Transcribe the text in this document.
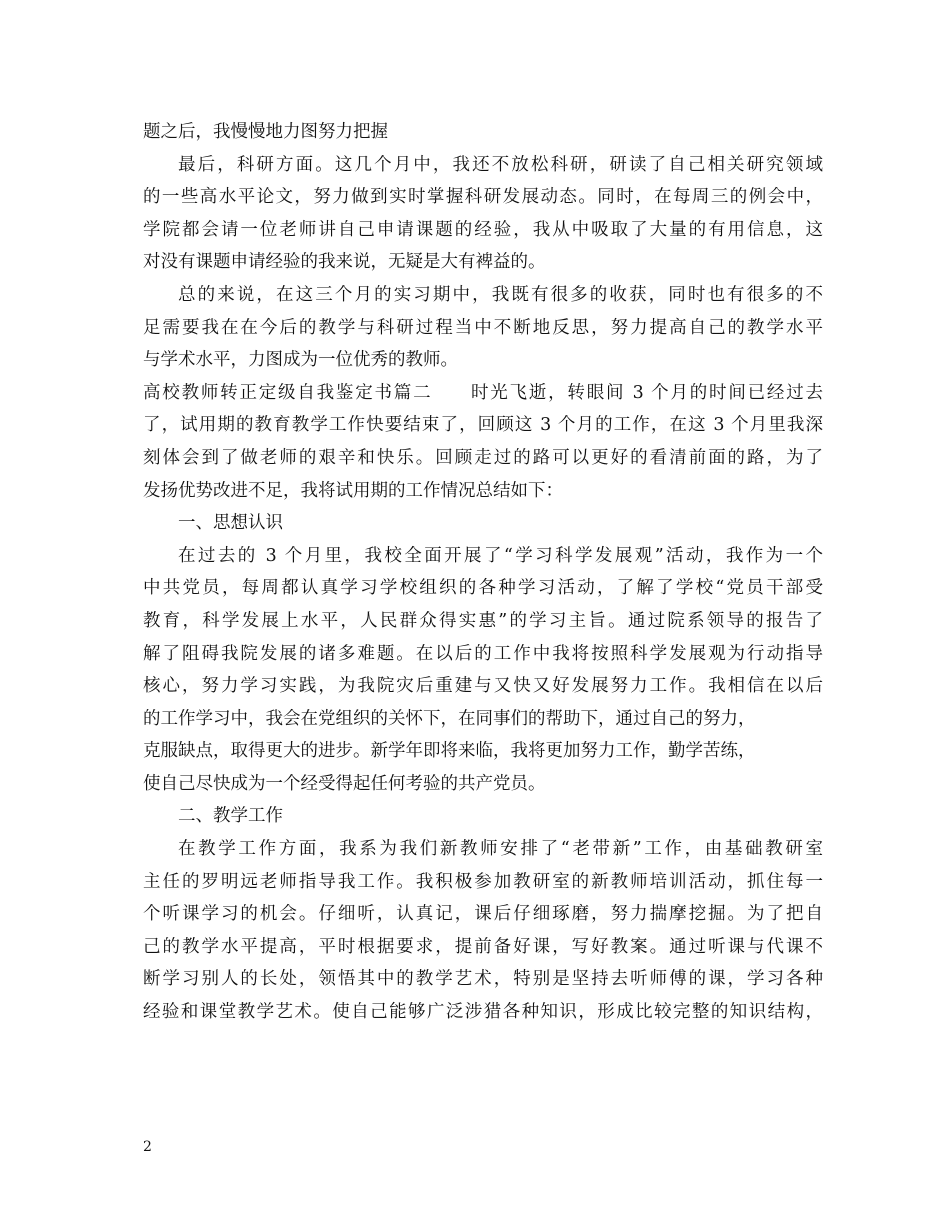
题之后，我慢慢地力图努力把握
最后，科研方面。这几个月中，我还不放松科研，研读了自己相关研究领域
的一些高水平论文，努力做到实时掌握科研发展动态。同时，在每周三的例会中，
学院都会请一位老师讲自己申请课题的经验，我从中吸取了大量的有用信息，这
对没有课题申请经验的我来说，无疑是大有裨益的。
总的来说，在这三个月的实习期中，我既有很多的收获，同时也有很多的不
足需要我在在今后的教学与科研过程当中不断地反思，努力提高自己的教学水平
与学术水平，力图成为一位优秀的教师。
高校教师转正定级自我鉴定书篇二　　时光飞逝，转眼间 3 个月的时间已经过去
了，试用期的教育教学工作快要结束了，回顾这 3 个月的工作，在这 3 个月里我深
刻体会到了做老师的艰辛和快乐。回顾走过的路可以更好的看清前面的路，为了
发扬优势改进不足，我将试用期的工作情况总结如下：
一、思想认识
在过去的 3 个月里，我校全面开展了“学习科学发展观”活动，我作为一个
中共党员，每周都认真学习学校组织的各种学习活动，了解了学校“党员干部受
教育，科学发展上水平，人民群众得实惠”的学习主旨。通过院系领导的报告了
解了阻碍我院发展的诸多难题。在以后的工作中我将按照科学发展观为行动指导
核心，努力学习实践，为我院灾后重建与又快又好发展努力工作。我相信在以后
的工作学习中，我会在党组织的关怀下，在同事们的帮助下，通过自己的努力，
克服缺点，取得更大的进步。新学年即将来临，我将更加努力工作，勤学苦练，
使自己尽快成为一个经受得起任何考验的共产党员。
二、教学工作
在教学工作方面，我系为我们新教师安排了“老带新”工作，由基础教研室
主任的罗明远老师指导我工作。我积极参加教研室的新教师培训活动，抓住每一
个听课学习的机会。仔细听，认真记，课后仔细琢磨，努力揣摩挖掘。为了把自
己的教学水平提高，平时根据要求，提前备好课，写好教案。通过听课与代课不
断学习别人的长处，领悟其中的教学艺术，特别是坚持去听师傅的课，学习各种
经验和课堂教学艺术。使自己能够广泛涉猎各种知识，形成比较完整的知识结构，
2
